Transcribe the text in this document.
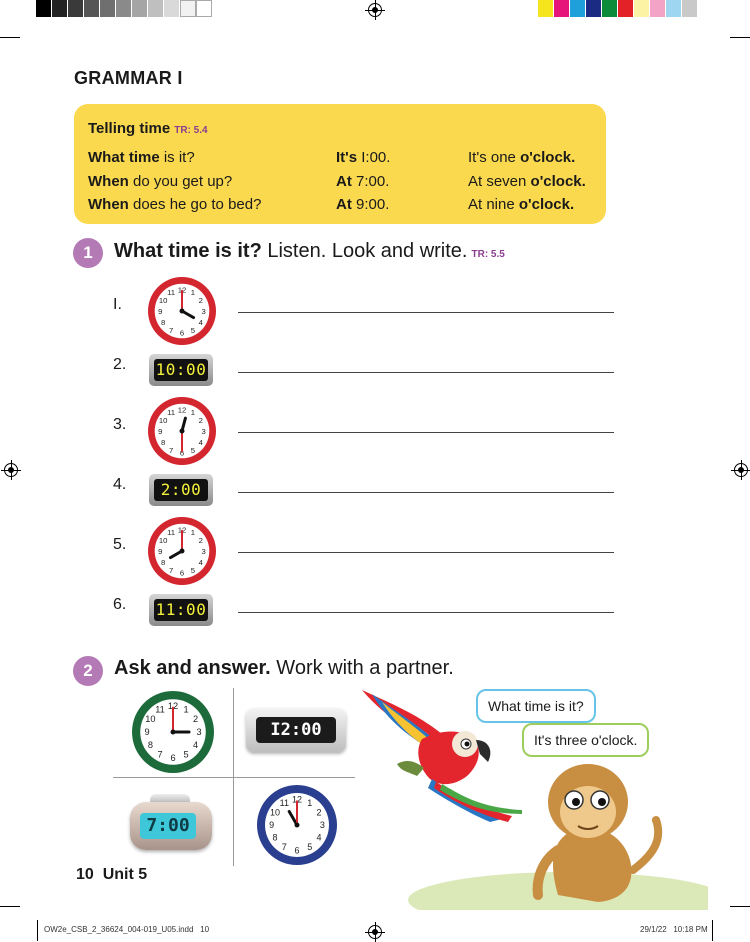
GRAMMAR I
Telling time TR: 5.4
What time is it?	It's I:00.	It's one o'clock.
When do you get up?	At 7:00.	At seven o'clock.
When does he go to bed?	At 9:00.	At nine o'clock.
1	What time is it? Listen. Look and write. TR: 5.5
I.
1
2
3
4
5
6
7
8
9
10
11 12
2. 10:00
3.
1
2
3
4
5
6
7
8
9
10
11 12
4.	2:00
5.
1
2
3
4
5
6
7
8
9
10
11 12
6. 11:00
2	Ask and answer. Work with a partner.
1
2
3
4
5
6
7
8
9
10
11 12
I2:00
7:00
1
2
3
4
5
6
7
8
9
10
11 12
What time is it?
It's three o'clock.
10  Unit 5
OW2e_CSB_2_36624_004-019_U05.indd   10	29/1/22   10:18 PM
